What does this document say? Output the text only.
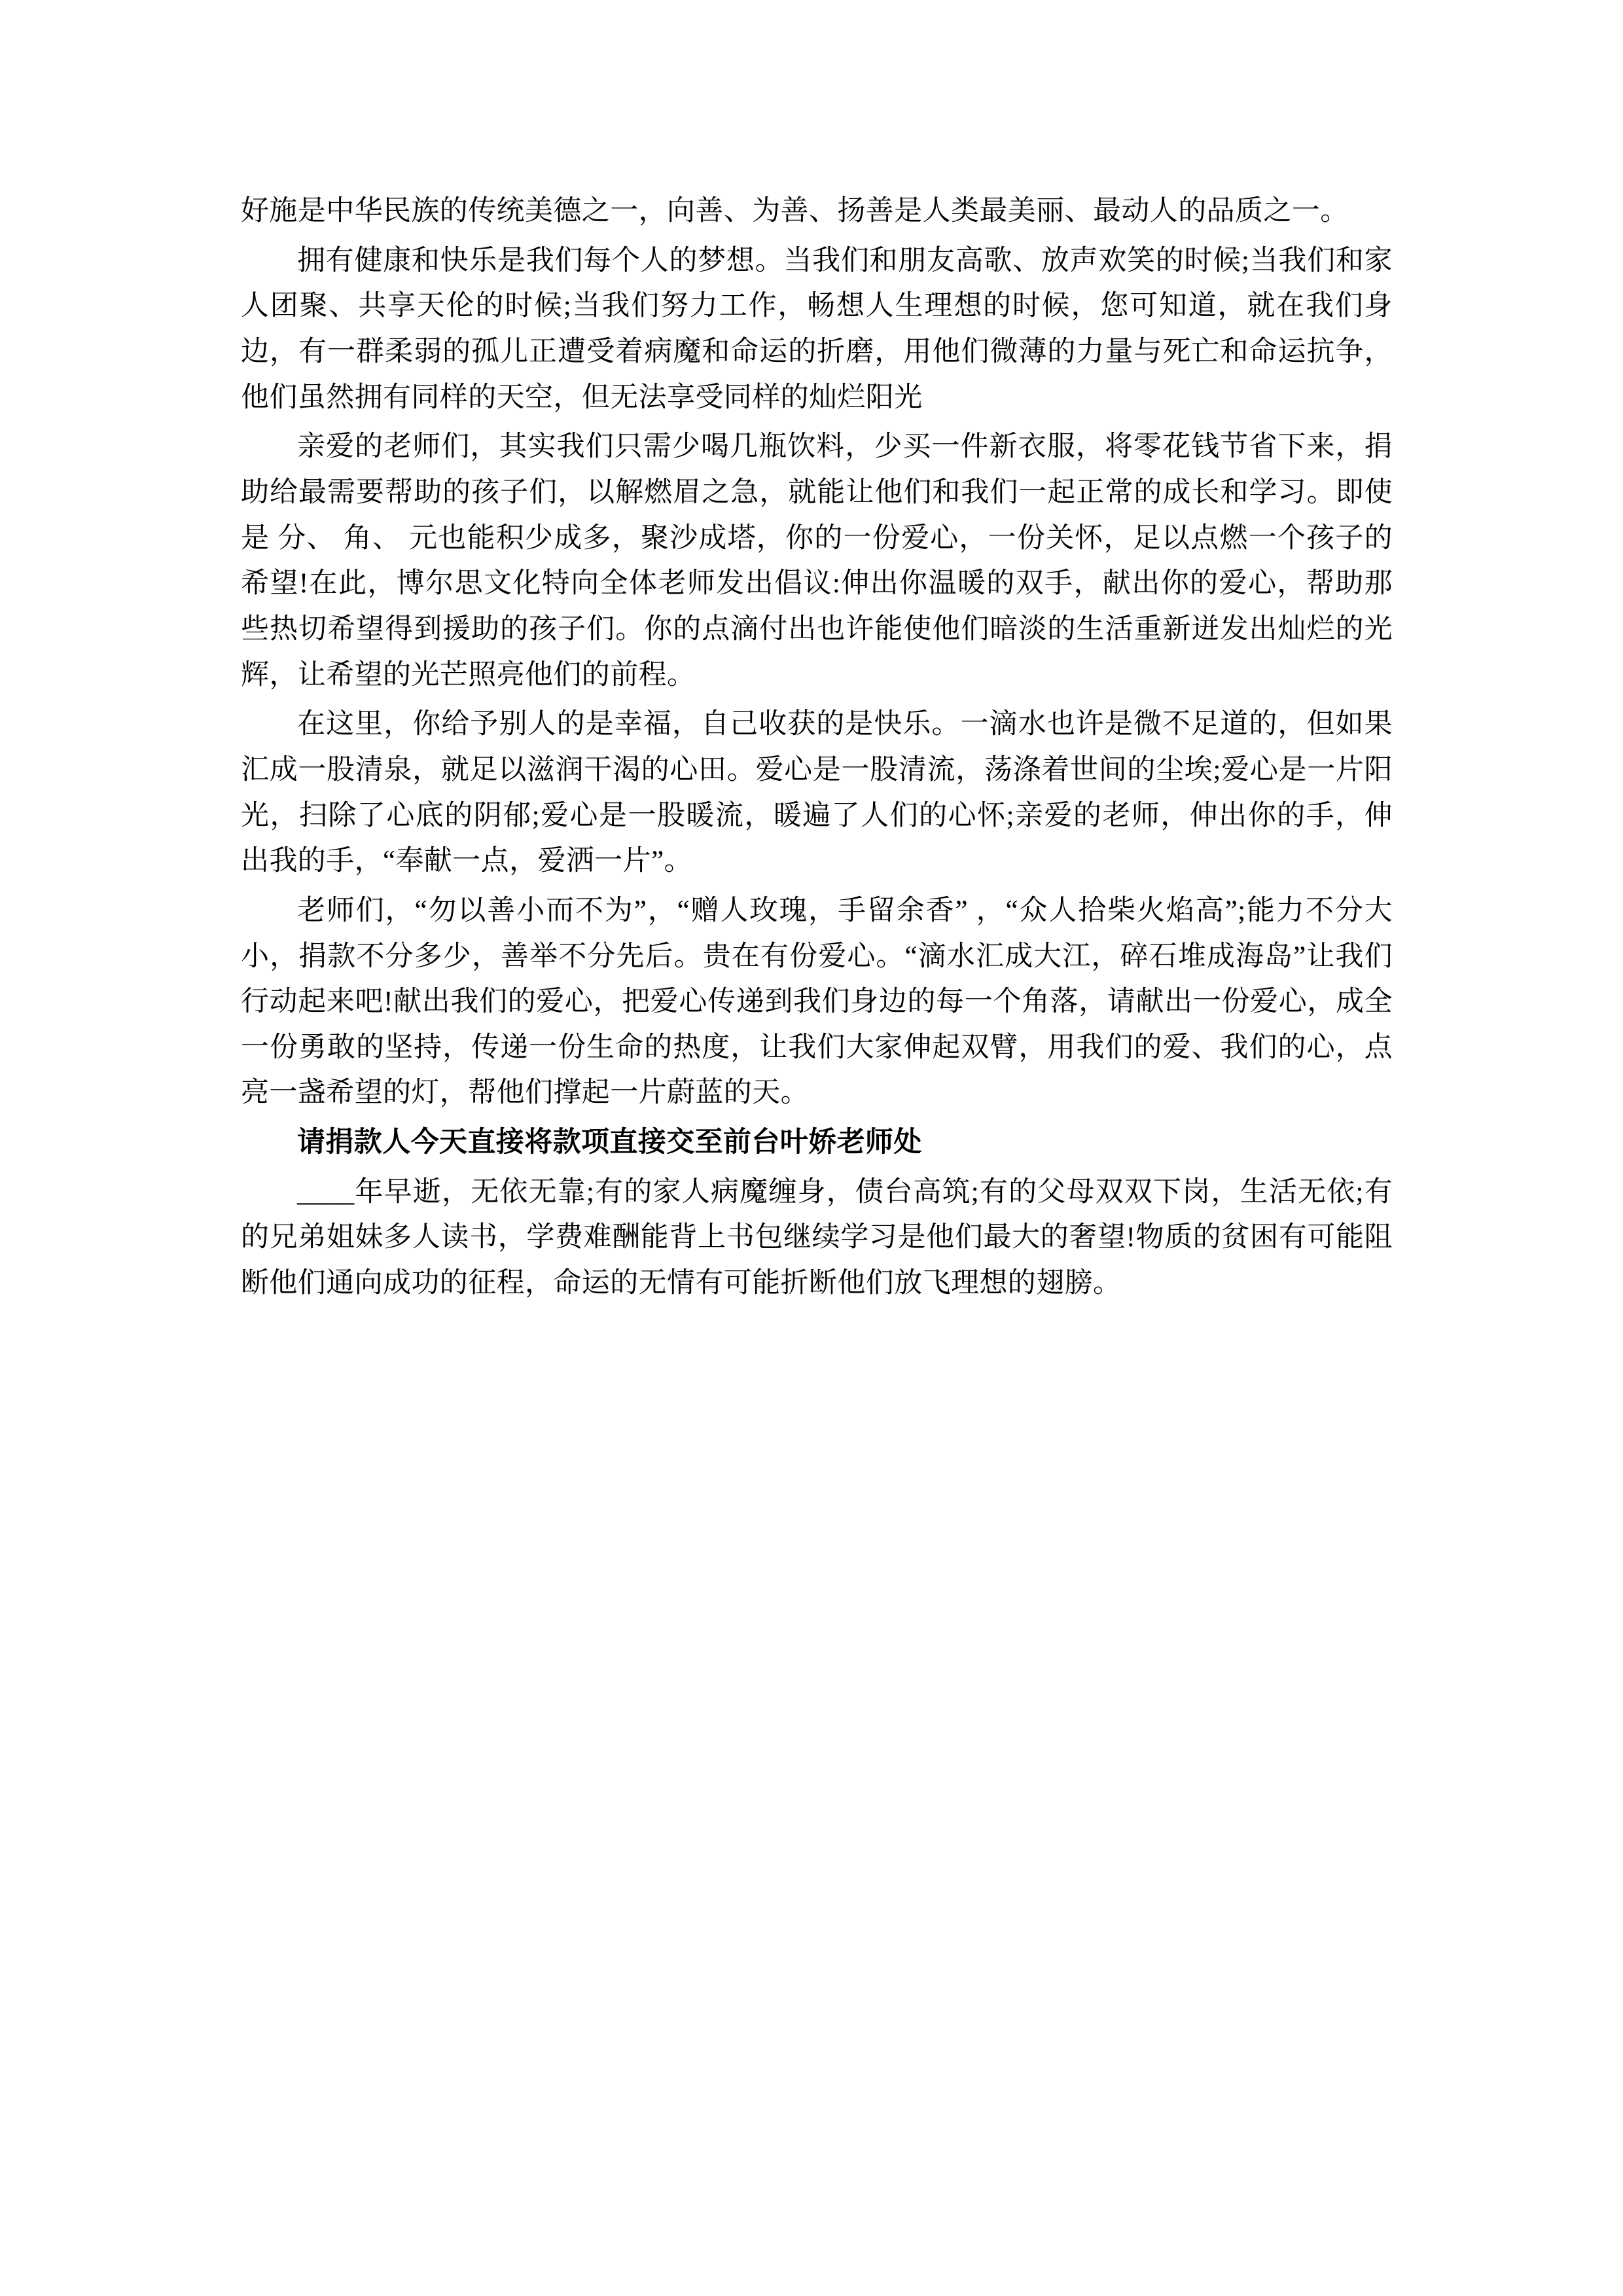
好施是中华民族的传统美德之一，向善、为善、扬善是人类最美丽、最动人的品质之一。

拥有健康和快乐是我们每个人的梦想。当我们和朋友高歌、放声欢笑的时候;当我们和家人团聚、共享天伦的时候;当我们努力工作，畅想人生理想的时候，您可知道，就在我们身边，有一群柔弱的孤儿正遭受着病魔和命运的折磨，用他们微薄的力量与死亡和命运抗争，他们虽然拥有同样的天空，但无法享受同样的灿烂阳光

亲爱的老师们，其实我们只需少喝几瓶饮料，少买一件新衣服，将零花钱节省下来，捐助给最需要帮助的孩子们，以解燃眉之急，就能让他们和我们一起正常的成长和学习。即使是 分、 角、 元也能积少成多，聚沙成塔，你的一份爱心，一份关怀，足以点燃一个孩子的希望!在此，博尔思文化特向全体老师发出倡议:伸出你温暖的双手，献出你的爱心，帮助那些热切希望得到援助的孩子们。你的点滴付出也许能使他们暗淡的生活重新迸发出灿烂的光辉，让希望的光芒照亮他们的前程。

在这里，你给予别人的是幸福，自己收获的是快乐。一滴水也许是微不足道的，但如果汇成一股清泉，就足以滋润干渴的心田。爱心是一股清流，荡涤着世间的尘埃;爱心是一片阳光，扫除了心底的阴郁;爱心是一股暖流，暖遍了人们的心怀;亲爱的老师，伸出你的手，伸出我的手，“奉献一点，爱洒一片”。

老师们，“勿以善小而不为”，“赠人玫瑰，手留余香” ，“众人拾柴火焰高”;能力不分大小，捐款不分多少，善举不分先后。贵在有份爱心。“滴水汇成大江，碎石堆成海岛”让我们行动起来吧!献出我们的爱心，把爱心传递到我们身边的每一个角落，请献出一份爱心，成全一份勇敢的坚持，传递一份生命的热度，让我们大家伸起双臂，用我们的爱、我们的心，点亮一盏希望的灯，帮他们撑起一片蔚蓝的天。

请捐款人今天直接将款项直接交至前台叶娇老师处

____年早逝，无依无靠;有的家人病魔缠身，债台高筑;有的父母双双下岗，生活无依;有的兄弟姐妹多人读书，学费难酬能背上书包继续学习是他们最大的奢望!物质的贫困有可能阻断他们通向成功的征程，命运的无情有可能折断他们放飞理想的翅膀。
